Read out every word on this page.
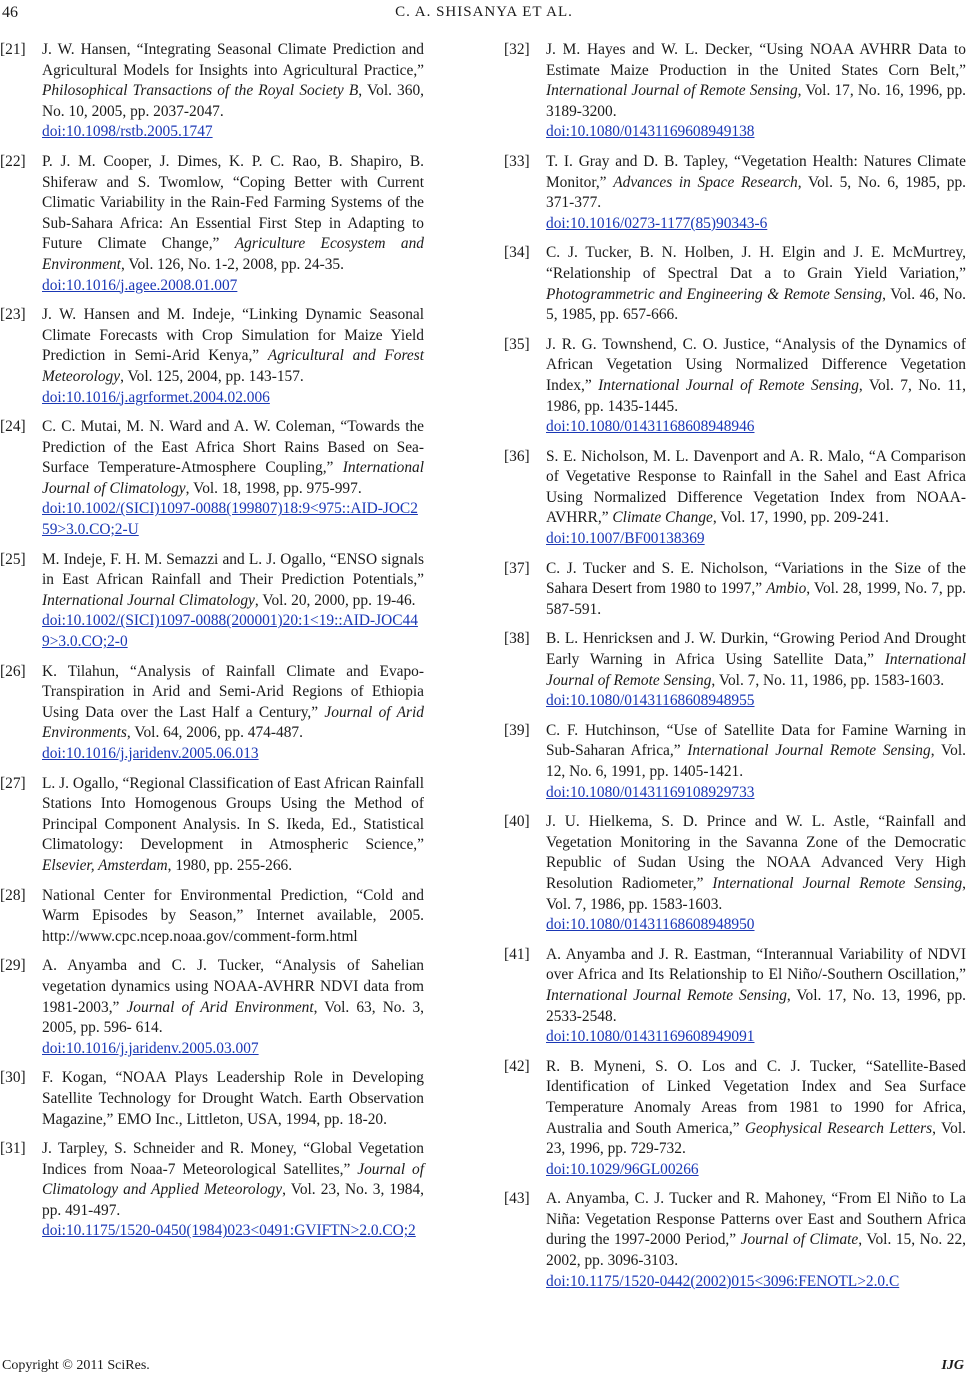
46	C. A. SHISANYA ET AL.
[21]	J. W. Hansen, “Integrating Seasonal Climate Prediction and Agricultural Models for Insights into Agricultural Practice,” Philosophical Transactions of the Royal Society B, Vol. 360, No. 10, 2005, pp. 2037-2047.
doi:10.1098/rstb.2005.1747
[22]	P. J. M. Cooper, J. Dimes, K. P. C. Rao, B. Shapiro, B. Shiferaw and S. Twomlow, “Coping Better with Current Climatic Variability in the Rain-Fed Farming Systems of the Sub-Sahara Africa: An Essential First Step in Adapting to Future Climate Change,” Agriculture Ecosystem and Environment, Vol. 126, No. 1-2, 2008, pp. 24-35.
doi:10.1016/j.agee.2008.01.007
[23]	J. W. Hansen and M. Indeje, “Linking Dynamic Seasonal Climate Forecasts with Crop Simulation for Maize Yield Prediction in Semi-Arid Kenya,” Agricultural and Forest Meteorology, Vol. 125, 2004, pp. 143-157.
doi:10.1016/j.agrformet.2004.02.006
[24]	C. C. Mutai, M. N. Ward and A. W. Coleman, “Towards the Prediction of the East Africa Short Rains Based on Sea-Surface Temperature-Atmosphere Coupling,” International Journal of Climatology, Vol. 18, 1998, pp. 975-997.
doi:10.1002/(SICI)1097-0088(199807)18:9<975::AID-JOC259>3.0.CO;2-U
[25]	M. Indeje, F. H. M. Semazzi and L. J. Ogallo, “ENSO signals in East African Rainfall and Their Prediction Potentials,” International Journal Climatology, Vol. 20, 2000, pp. 19-46.
doi:10.1002/(SICI)1097-0088(200001)20:1<19::AID-JOC449>3.0.CO;2-0
[26]	K. Tilahun, “Analysis of Rainfall Climate and Evapo-Transpiration in Arid and Semi-Arid Regions of Ethiopia Using Data over the Last Half a Century,” Journal of Arid Environments, Vol. 64, 2006, pp. 474-487.
doi:10.1016/j.jaridenv.2005.06.013
[27]	L. J. Ogallo, “Regional Classification of East African Rainfall Stations Into Homogenous Groups Using the Method of Principal Component Analysis. In S. Ikeda, Ed., Statistical Climatology: Development in Atmospheric Science,” Elsevier, Amsterdam, 1980, pp. 255-266.
[28]	National Center for Environmental Prediction, “Cold and Warm Episodes by Season,” Internet available, 2005. http://www.cpc.ncep.noaa.gov/comment-form.html
[29]	A. Anyamba and C. J. Tucker, “Analysis of Sahelian vegetation dynamics using NOAA-AVHRR NDVI data from 1981-2003,” Journal of Arid Environment, Vol. 63, No. 3, 2005, pp. 596- 614.
doi:10.1016/j.jaridenv.2005.03.007
[30]	F. Kogan, “NOAA Plays Leadership Role in Developing Satellite Technology for Drought Watch. Earth Observation Magazine,” EMO Inc., Littleton, USA, 1994, pp. 18-20.
[31]	J. Tarpley, S. Schneider and R. Money, “Global Vegetation Indices from Noaa-7 Meteorological Satellites,” Journal of Climatology and Applied Meteorology, Vol. 23, No. 3, 1984, pp. 491-497.
doi:10.1175/1520-0450(1984)023<0491:GVIFTN>2.0.CO;2
[32]	J. M. Hayes and W. L. Decker, “Using NOAA AVHRR Data to Estimate Maize Production in the United States Corn Belt,” International Journal of Remote Sensing, Vol. 17, No. 16, 1996, pp. 3189-3200.
doi:10.1080/01431169608949138
[33]	T. I. Gray and D. B. Tapley, “Vegetation Health: Natures Climate Monitor,” Advances in Space Research, Vol. 5, No. 6, 1985, pp. 371-377.
doi:10.1016/0273-1177(85)90343-6
[34]	C. J. Tucker, B. N. Holben, J. H. Elgin and J. E. McMurtrey, “Relationship of Spectral Dat a to Grain Yield Variation,” Photogrammetric and Engineering & Remote Sensing, Vol. 46, No. 5, 1985, pp. 657-666.
[35]	J. R. G. Townshend, C. O. Justice, “Analysis of the Dynamics of African Vegetation Using Normalized Difference Vegetation Index,” International Journal of Remote Sensing, Vol. 7, No. 11, 1986, pp. 1435-1445.
doi:10.1080/01431168608948946
[36]	S. E. Nicholson, M. L. Davenport and A. R. Malo, “A Comparison of Vegetative Response to Rainfall in the Sahel and East Africa Using Normalized Difference Vegetation Index from NOAA-AVHRR,” Climate Change, Vol. 17, 1990, pp. 209-241.
doi:10.1007/BF00138369
[37]	C. J. Tucker and S. E. Nicholson, “Variations in the Size of the Sahara Desert from 1980 to 1997,” Ambio, Vol. 28, 1999, No. 7, pp. 587-591.
[38]	B. L. Henricksen and J. W. Durkin, “Growing Period And Drought Early Warning in Africa Using Satellite Data,” International Journal of Remote Sensing, Vol. 7, No. 11, 1986, pp. 1583-1603.
doi:10.1080/01431168608948955
[39]	C. F. Hutchinson, “Use of Satellite Data for Famine Warning in Sub-Saharan Africa,” International Journal Remote Sensing, Vol. 12, No. 6, 1991, pp. 1405-1421.
doi:10.1080/01431169108929733
[40]	J. U. Hielkema, S. D. Prince and W. L. Astle, “Rainfall and Vegetation Monitoring in the Savanna Zone of the Democratic Republic of Sudan Using the NOAA Advanced Very High Resolution Radiometer,” International Journal Remote Sensing, Vol. 7, 1986, pp. 1583-1603.
doi:10.1080/01431168608948950
[41]	A. Anyamba and J. R. Eastman, “Interannual Variability of NDVI over Africa and Its Relationship to El Niño/-Southern Oscillation,” International Journal Remote Sensing, Vol. 17, No. 13, 1996, pp. 2533-2548.
doi:10.1080/01431169608949091
[42]	R. B. Myneni, S. O. Los and C. J. Tucker, “Satellite-Based Identification of Linked Vegetation Index and Sea Surface Temperature Anomaly Areas from 1981 to 1990 for Africa, Australia and South America,” Geophysical Research Letters, Vol. 23, 1996, pp. 729-732.
doi:10.1029/96GL00266
[43]	A. Anyamba, C. J. Tucker and R. Mahoney, “From El Niño to La Niña: Vegetation Response Patterns over East and Southern Africa during the 1997-2000 Period,” Journal of Climate, Vol. 15, No. 22, 2002, pp. 3096-3103.
doi:10.1175/1520-0442(2002)015<3096:FENOTL>2.0.C
Copyright © 2011 SciRes.	IJG
